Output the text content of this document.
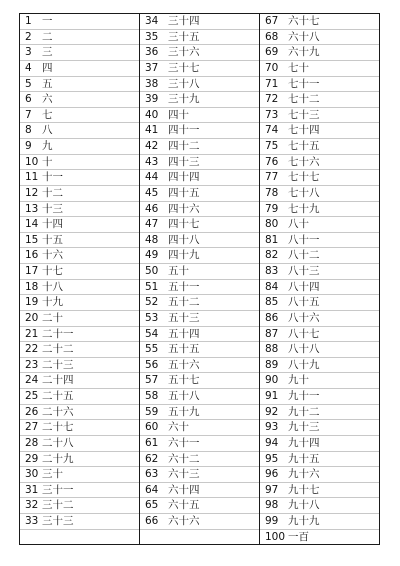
1 一
2 二
3 三
4 四
5 五
6 六
7 七
8 八
9 九
10 十
11 十一
12 十二
13 十三
14 十四
15 十五
16 十六
17 十七
18 十八
19 十九
20 二十
21 二十一
22 二十二
23 二十三
24 二十四
25 二十五
26 二十六
27 二十七
28 二十八
29 二十九
30 三十
31 三十一
32 三十二
33 三十三
34 三十四
35 三十五
36 三十六
37 三十七
38 三十八
39 三十九
40 四十
41 四十一
42 四十二
43 四十三
44 四十四
45 四十五
46 四十六
47 四十七
48 四十八
49 四十九
50 五十
51 五十一
52 五十二
53 五十三
54 五十四
55 五十五
56 五十六
57 五十七
58 五十八
59 五十九
60 六十
61 六十一
62 六十二
63 六十三
64 六十四
65 六十五
66 六十六
67 六十七
68 六十八
69 六十九
70 七十
71 七十一
72 七十二
73 七十三
74 七十四
75 七十五
76 七十六
77 七十七
78 七十八
79 七十九
80 八十
81 八十一
82 八十二
83 八十三
84 八十四
85 八十五
86 八十六
87 八十七
88 八十八
89 八十九
90 九十
91 九十一
92 九十二
93 九十三
94 九十四
95 九十五
96 九十六
97 九十七
98 九十八
99 九十九
100 一百
